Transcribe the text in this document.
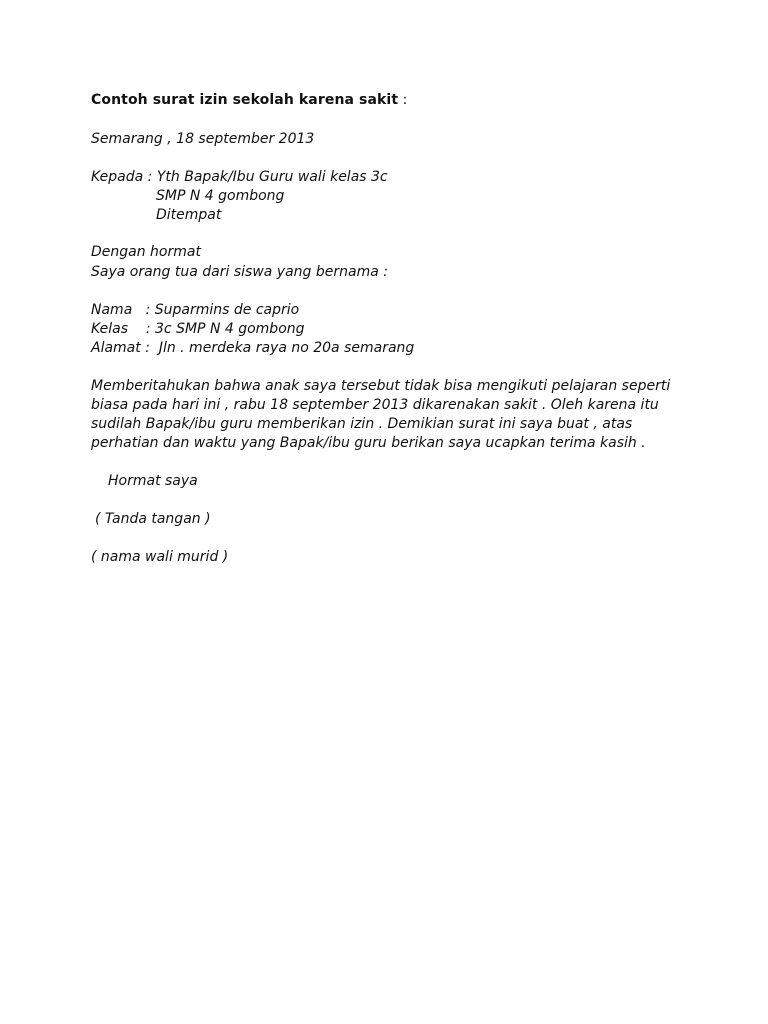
Contoh surat izin sekolah karena sakit :
Semarang , 18 september 2013
Kepada : Yth Bapak/Ibu Guru wali kelas 3c
SMP N 4 gombong
Ditempat
Dengan hormat
Saya orang tua dari siswa yang bernama :
Nama   : Suparmins de caprio
Kelas    : 3c SMP N 4 gombong
Alamat :  Jln . merdeka raya no 20a semarang
Memberitahukan bahwa anak saya tersebut tidak bisa mengikuti pelajaran seperti
biasa pada hari ini , rabu 18 september 2013 dikarenakan sakit . Oleh karena itu
sudilah Bapak/ibu guru memberikan izin . Demikian surat ini saya buat , atas
perhatian dan waktu yang Bapak/ibu guru berikan saya ucapkan terima kasih .
Hormat saya
( Tanda tangan )
( nama wali murid )
